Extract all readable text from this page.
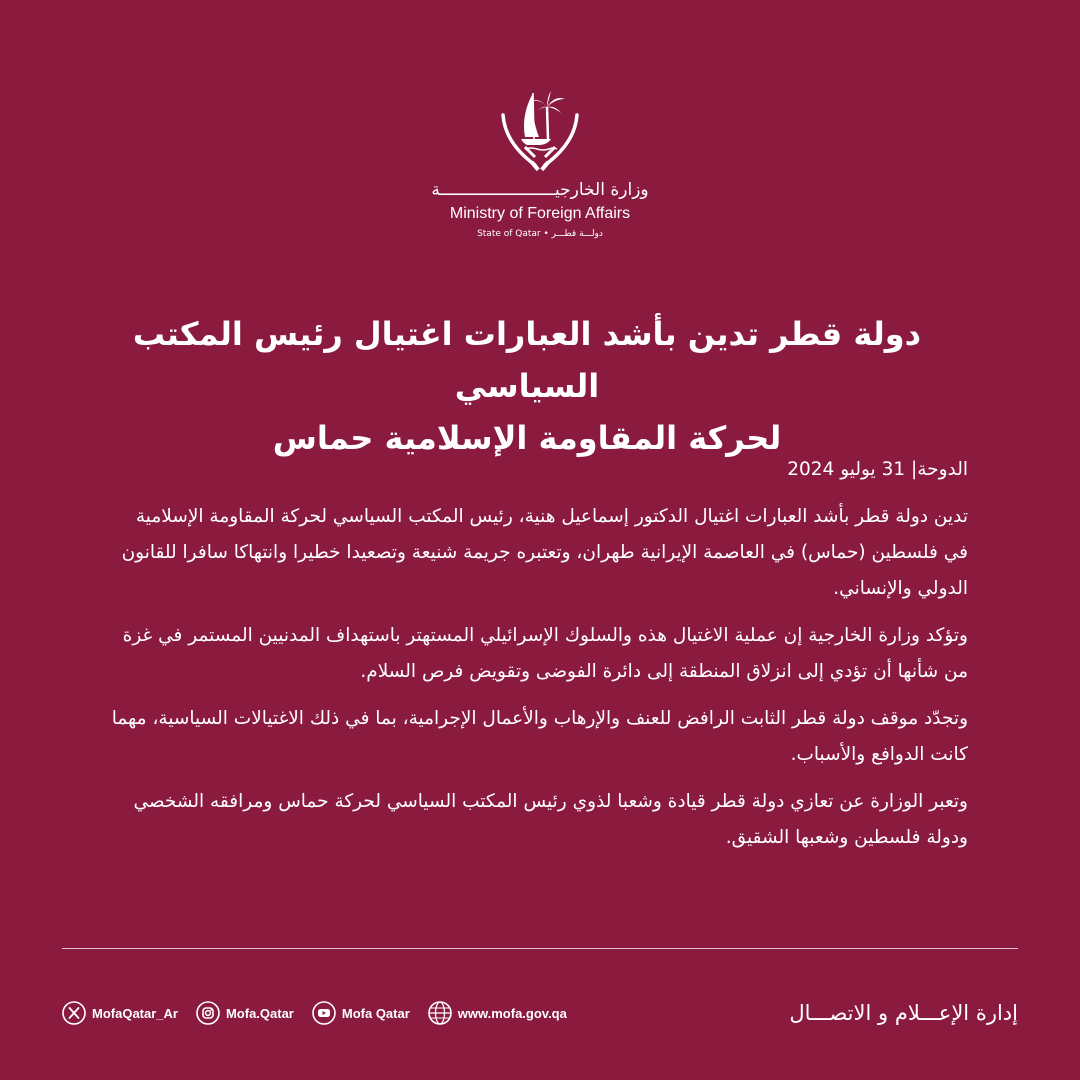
وزارة الخارجيـــــــــــــــــــــــة
Ministry of Foreign Affairs
State of Qatar • دولـــة قطـــر
دولة قطر تدين بأشد العبارات اغتيال رئيس المكتب السياسي
لحركة المقاومة الإسلامية حماس

الدوحة| 31 يوليو 2024

تدين دولة قطر بأشد العبارات اغتيال الدكتور إسماعيل هنية، رئيس المكتب السياسي لحركة المقاومة الإسلامية في فلسطين (حماس) في العاصمة الإيرانية طهران، وتعتبره جريمة شنيعة وتصعيدا خطيرا وانتهاكا سافرا للقانون الدولي والإنساني.

وتؤكد وزارة الخارجية إن عملية الاغتيال هذه والسلوك الإسرائيلي المستهتر باستهداف المدنيين المستمر في غزة من شأنها أن تؤدي إلى انزلاق المنطقة إلى دائرة الفوضى وتقويض فرص السلام.

وتجدّد موقف دولة قطر الثابت الرافض للعنف والإرهاب والأعمال الإجرامية، بما في ذلك الاغتيالات السياسية، مهما كانت الدوافع والأسباب.

وتعبر الوزارة عن تعازي دولة قطر قيادة وشعبا لذوي رئيس المكتب السياسي لحركة حماس ومرافقه الشخصي ودولة فلسطين وشعبها الشقيق.

MofaQatar_Ar	Mofa.Qatar	Mofa Qatar	www.mofa.gov.qa	إدارة الإعـــلام و الاتصـــال
